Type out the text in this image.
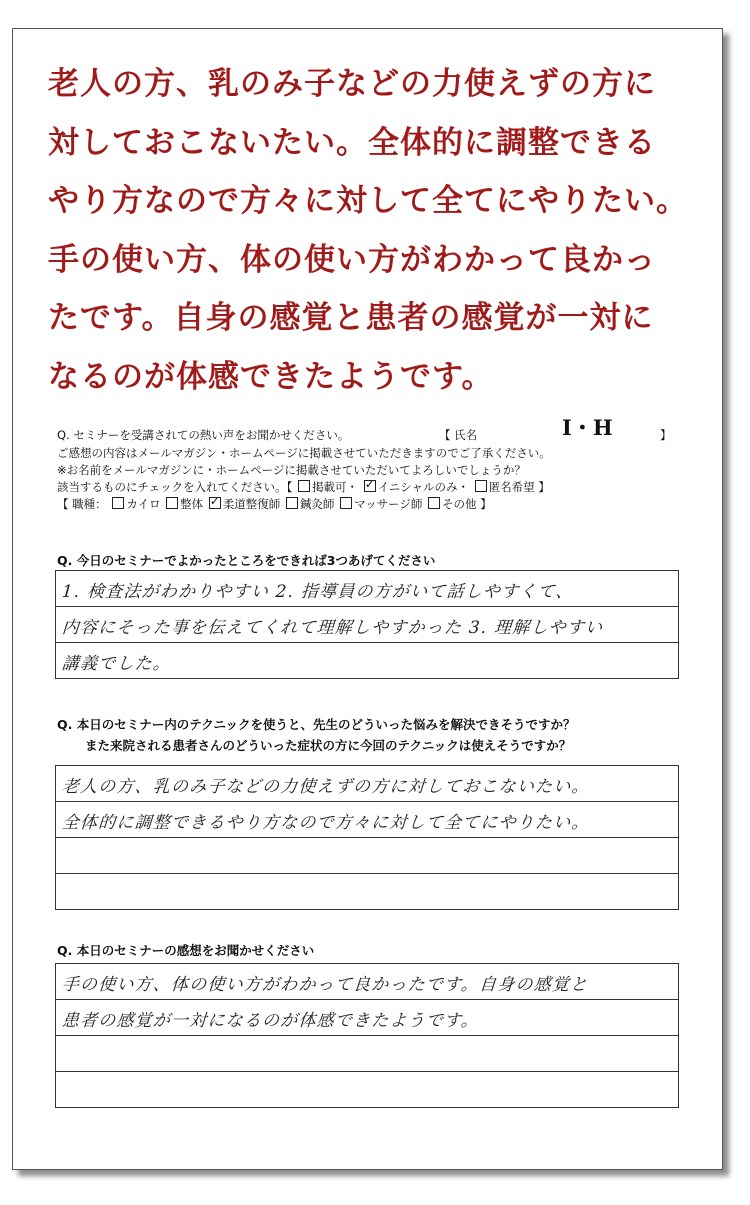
老人の方、乳のみ子などの力使えずの方に
対しておこないたい。全体的に調整できる
やり方なので方々に対して全てにやりたい。
手の使い方、体の使い方がわかって良かっ
たです。自身の感覚と患者の感覚が一対に
なるのが体感できたようです。
Q. セミナーを受講されての熱い声をお聞かせください。	【 氏名	I・H	】
ご感想の内容はメールマガジン・ホームページに掲載させていただきますのでご了承ください。
※お名前をメールマガジンに・ホームページに掲載させていただいてよろしいでしょうか？
該当するものにチェックを入れてください。【 掲載可・ ✓ イニシャルのみ・ 匿名希望 】
【 職種： カイロ 整体 ✓ 柔道整復師 鍼灸師 マッサージ師 その他 】
Q. 今日のセミナーでよかったところをできれば3つあげてください
1. 検査法がわかりやすい 2. 指導員の方がいて話しやすくて、
内容にそった事を伝えてくれて理解しやすかった 3. 理解しやすい
講義でした。
Q. 本日のセミナー内のテクニックを使うと、先生のどういった悩みを解決できそうですか？
また来院される患者さんのどういった症状の方に今回のテクニックは使えそうですか？
老人の方、乳のみ子などの力使えずの方に対しておこないたい。
全体的に調整できるやり方なので方々に対して全てにやりたい。
Q. 本日のセミナーの感想をお聞かせください
手の使い方、体の使い方がわかって良かったです。自身の感覚と
患者の感覚が一対になるのが体感できたようです。
